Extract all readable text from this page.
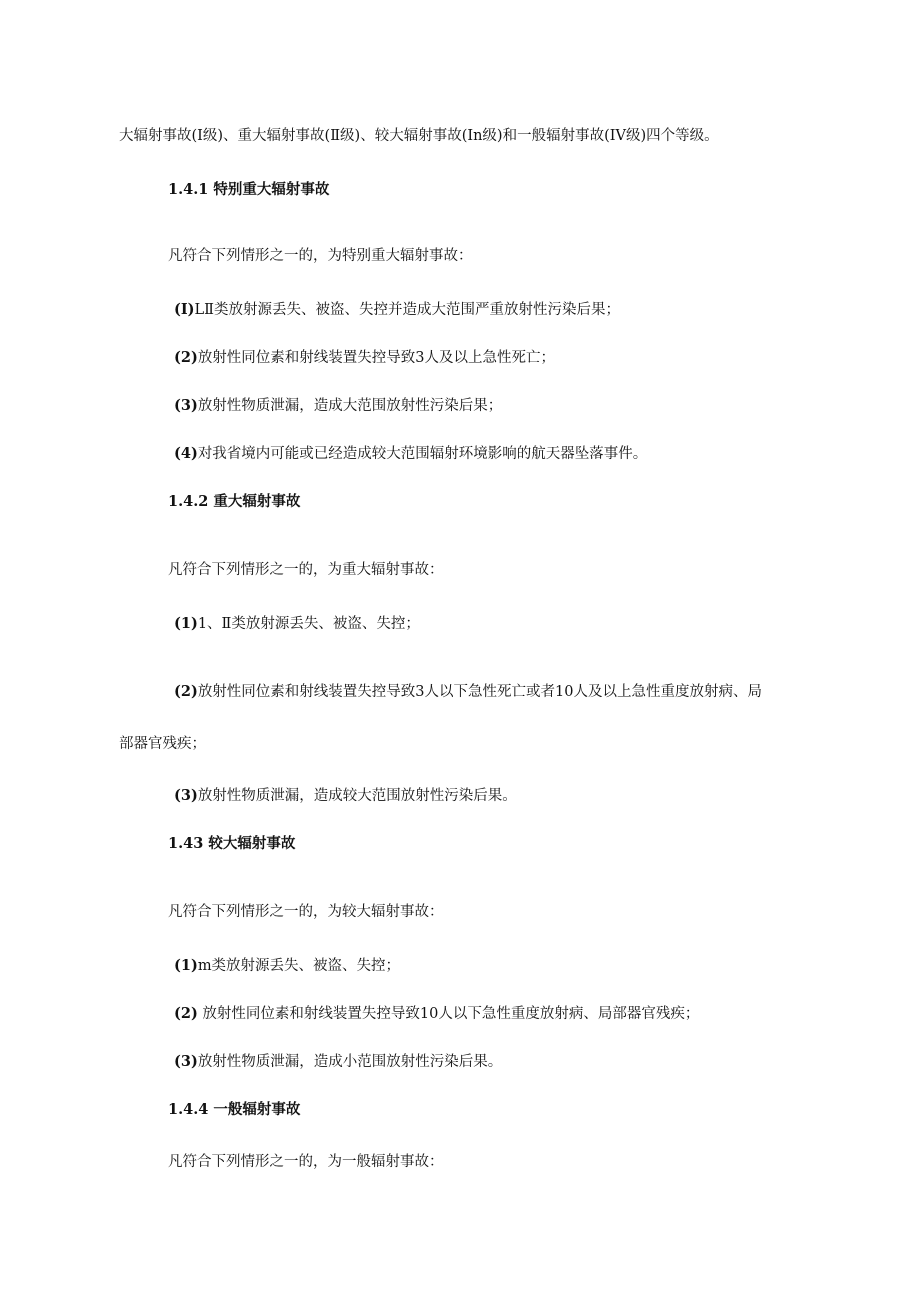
大辐射事故(I级)、重大辐射事故(Ⅱ级)、较大辐射事故(In级)和一般辐射事故(IV级)四个等级。
1.4.1 特别重大辐射事故
凡符合下列情形之一的，为特别重大辐射事故：
(I)LⅡ类放射源丢失、被盗、失控并造成大范围严重放射性污染后果；
(2)放射性同位素和射线装置失控导致3人及以上急性死亡；
(3)放射性物质泄漏，造成大范围放射性污染后果；
(4)对我省境内可能或已经造成较大范围辐射环境影响的航天器坠落事件。
1.4.2 重大辐射事故
凡符合下列情形之一的，为重大辐射事故：
(1)1、Ⅱ类放射源丢失、被盗、失控；
(2)放射性同位素和射线装置失控导致3人以下急性死亡或者10人及以上急性重度放射病、局
部器官残疾；
(3)放射性物质泄漏，造成较大范围放射性污染后果。
1.43 较大辐射事故
凡符合下列情形之一的，为较大辐射事故：
(1)m类放射源丢失、被盗、失控；
(2) 放射性同位素和射线装置失控导致10人以下急性重度放射病、局部器官残疾；
(3)放射性物质泄漏，造成小范围放射性污染后果。
1.4.4 一般辐射事故
凡符合下列情形之一的，为一般辐射事故：
